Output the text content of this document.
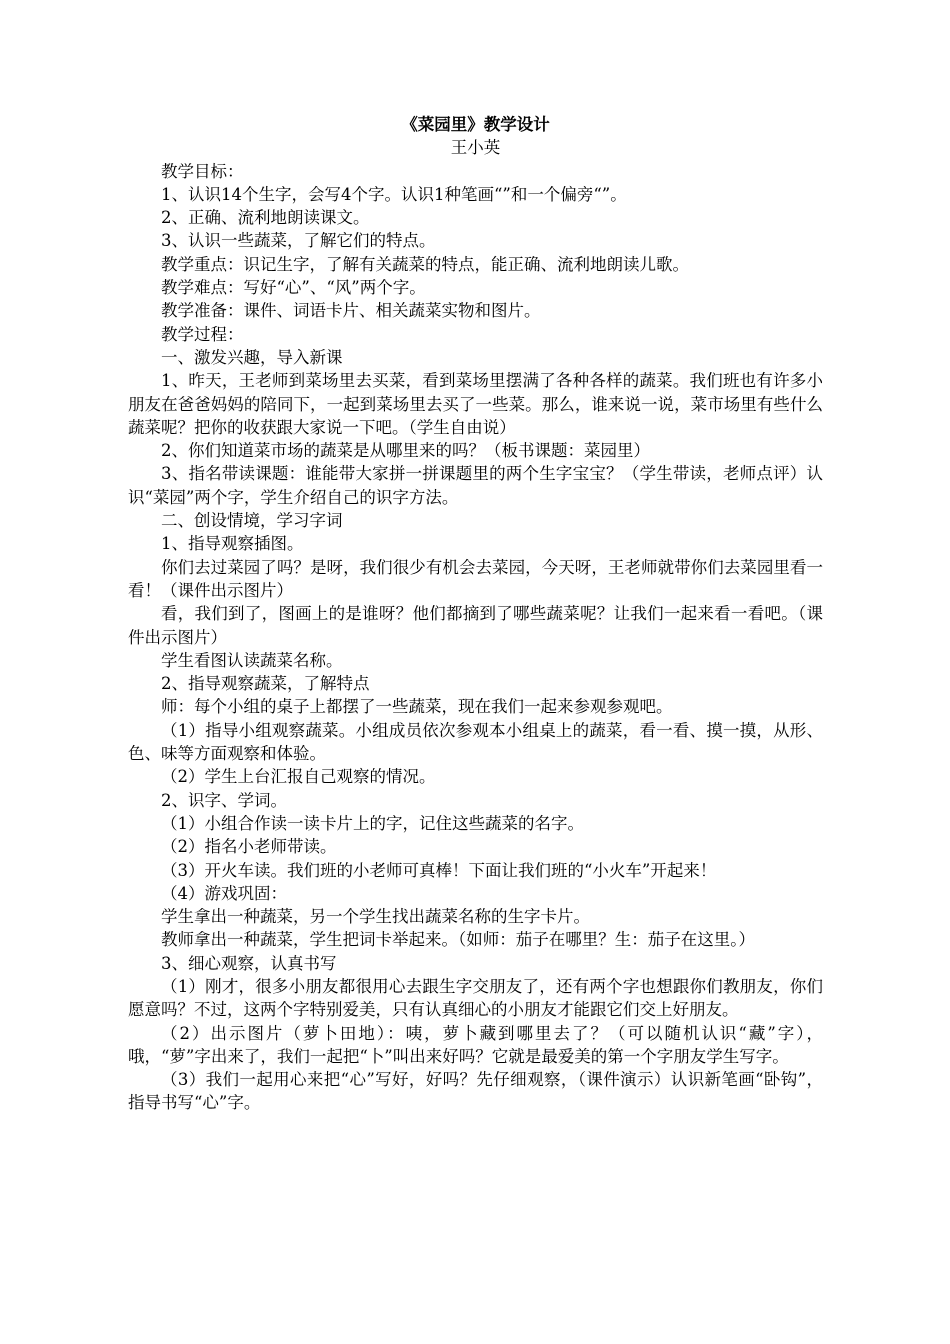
《菜园里》教学设计

王小英

教学目标：

1、认识14个生字，会写4个字。认识1种笔画“”和一个偏旁“”。

2、正确、流利地朗读课文。

3、认识一些蔬菜，了解它们的特点。

教学重点：识记生字，了解有关蔬菜的特点，能正确、流利地朗读儿歌。

教学难点：写好“心”、“风”两个字。

教学准备：课件、词语卡片、相关蔬菜实物和图片。

教学过程：

一、激发兴趣，导入新课

1、昨天，王老师到菜场里去买菜，看到菜场里摆满了各种各样的蔬菜。我们班也有许多小朋友在爸爸妈妈的陪同下，一起到菜场里去买了一些菜。那么，谁来说一说，菜市场里有些什么蔬菜呢？把你的收获跟大家说一下吧。（学生自由说）

2、你们知道菜市场的蔬菜是从哪里来的吗？（板书课题：菜园里）

3、指名带读课题：谁能带大家拼一拼课题里的两个生字宝宝？（学生带读，老师点评）认识“菜园”两个字，学生介绍自己的识字方法。

二、创设情境，学习字词

1、指导观察插图。

你们去过菜园了吗？是呀，我们很少有机会去菜园，今天呀，王老师就带你们去菜园里看一看！（课件出示图片）

看，我们到了，图画上的是谁呀？他们都摘到了哪些蔬菜呢？让我们一起来看一看吧。（课件出示图片）

学生看图认读蔬菜名称。

2、指导观察蔬菜，了解特点

师：每个小组的桌子上都摆了一些蔬菜，现在我们一起来参观参观吧。

（1）指导小组观察蔬菜。小组成员依次参观本小组桌上的蔬菜，看一看、摸一摸，从形、色、味等方面观察和体验。

（2）学生上台汇报自己观察的情况。

2、识字、学词。

（1）小组合作读一读卡片上的字，记住这些蔬菜的名字。

（2）指名小老师带读。

（3）开火车读。我们班的小老师可真棒！下面让我们班的“小火车”开起来！

（4）游戏巩固：

学生拿出一种蔬菜，另一个学生找出蔬菜名称的生字卡片。

教师拿出一种蔬菜，学生把词卡举起来。（如师：茄子在哪里？生：茄子在这里。）

3、细心观察，认真书写

（1）刚才，很多小朋友都很用心去跟生字交朋友了，还有两个字也想跟你们教朋友，你们愿意吗？不过，这两个字特别爱美，只有认真细心的小朋友才能跟它们交上好朋友。

（2）出示图片（萝卜田地）：咦，萝卜藏到哪里去了？（可以随机认识“藏”字），哦，“萝”字出来了，我们一起把“卜”叫出来好吗？它就是最爱美的第一个字朋友学生写字。

（3）我们一起用心来把“心”写好，好吗？先仔细观察，（课件演示）认识新笔画“卧钩”，指导书写“心”字。
